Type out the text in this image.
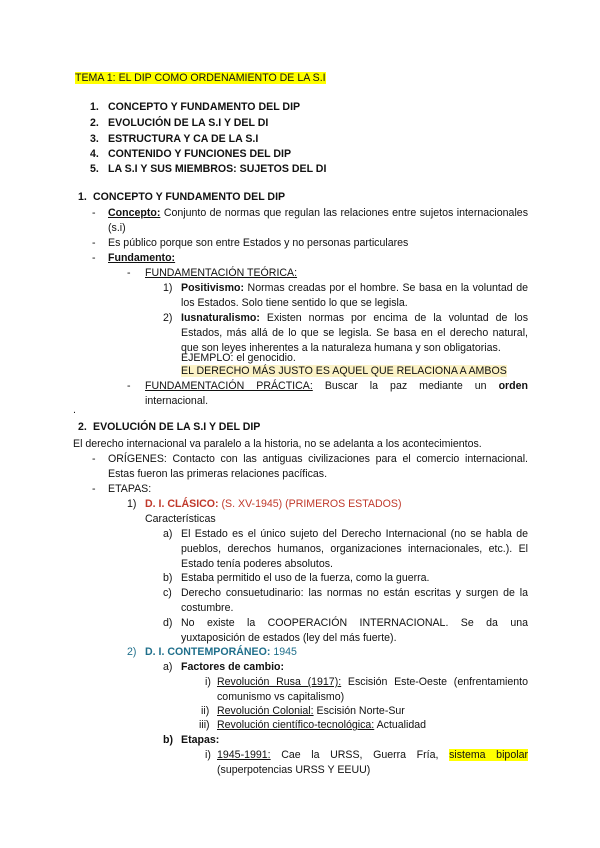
TEMA 1: EL DIP COMO ORDENAMIENTO DE LA S.I
1. CONCEPTO Y FUNDAMENTO DEL DIP
2. EVOLUCIÓN DE LA S.I Y DEL DI
3. ESTRUCTURA Y CA DE LA S.I
4. CONTENIDO Y FUNCIONES DEL DIP
5. LA S.I Y SUS MIEMBROS: SUJETOS DEL DI
1. CONCEPTO Y FUNDAMENTO DEL DIP
- Concepto: Conjunto de normas que regulan las relaciones entre sujetos internacionales (s.i)
- Es público porque son entre Estados y no personas particulares
- Fundamento:
- FUNDAMENTACIÓN TEÓRICA:
1) Positivismo: Normas creadas por el hombre. Se basa en la voluntad de los Estados. Solo tiene sentido lo que se legisla.
2) Iusnaturalismo: Existen normas por encima de la voluntad de los Estados, más allá de lo que se legisla. Se basa en el derecho natural, que son leyes inherentes a la naturaleza humana y son obligatorias.
EJEMPLO: el genocidio.
EL DERECHO MÁS JUSTO ES AQUEL QUE RELACIONA A AMBOS
- FUNDAMENTACIÓN PRÁCTICA: Buscar la paz mediante un orden internacional.
.
2. EVOLUCIÓN DE LA S.I Y DEL DIP
El derecho internacional va paralelo a la historia, no se adelanta a los acontecimientos.
- ORÍGENES: Contacto con las antiguas civilizaciones para el comercio internacional. Estas fueron las primeras relaciones pacíficas.
- ETAPAS:
1) D. I. CLÁSICO: (S. XV-1945) (PRIMEROS ESTADOS)
Características
a) El Estado es el único sujeto del Derecho Internacional (no se habla de pueblos, derechos humanos, organizaciones internacionales, etc.). El Estado tenía poderes absolutos.
b) Estaba permitido el uso de la fuerza, como la guerra.
c) Derecho consuetudinario: las normas no están escritas y surgen de la costumbre.
d) No existe la COOPERACIÓN INTERNACIONAL. Se da una yuxtaposición de estados (ley del más fuerte).
2) D. I. CONTEMPORÁNEO: 1945
a) Factores de cambio:
i) Revolución Rusa (1917): Escisión Este-Oeste (enfrentamiento comunismo vs capitalismo)
ii) Revolución Colonial: Escisión Norte-Sur
iii) Revolución científico-tecnológica: Actualidad
b) Etapas:
i) 1945-1991: Cae la URSS, Guerra Fría, sistema bipolar (superpotencias URSS Y EEUU)
